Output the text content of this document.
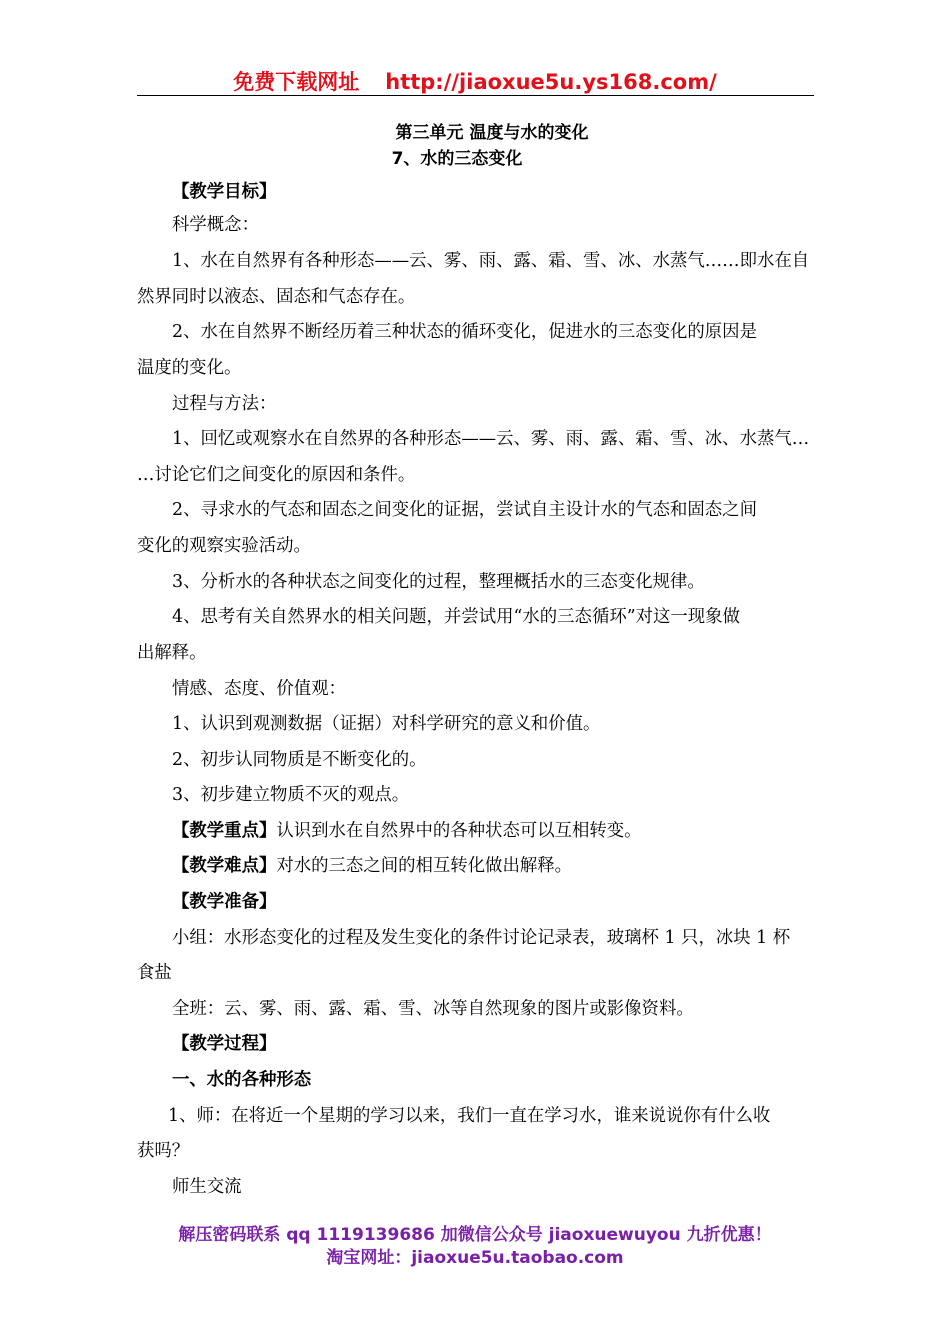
免费下载网址 http://jiaoxue5u.ys168.com/
第三单元 温度与水的变化
7、水的三态变化
【教学目标】
科学概念：
1、水在自然界有各种形态——云、雾、雨、露、霜、雪、冰、水蒸气……即水在自
然界同时以液态、固态和气态存在。
2、水在自然界不断经历着三种状态的循环变化，促进水的三态变化的原因是
温度的变化。
过程与方法：
1、回忆或观察水在自然界的各种形态——云、雾、雨、露、霜、雪、冰、水蒸气…
…讨论它们之间变化的原因和条件。
2、寻求水的气态和固态之间变化的证据，尝试自主设计水的气态和固态之间
变化的观察实验活动。
3、分析水的各种状态之间变化的过程，整理概括水的三态变化规律。
4、思考有关自然界水的相关问题，并尝试用“水的三态循环”对这一现象做
出解释。
情感、态度、价值观：
1、认识到观测数据（证据）对科学研究的意义和价值。
2、初步认同物质是不断变化的。
3、初步建立物质不灭的观点。
【教学重点】认识到水在自然界中的各种状态可以互相转变。
【教学难点】对水的三态之间的相互转化做出解释。
【教学准备】
小组：水形态变化的过程及发生变化的条件讨论记录表，玻璃杯 1 只，冰块 1 杯
食盐
全班：云、雾、雨、露、霜、雪、冰等自然现象的图片或影像资料。
【教学过程】
一、水的各种形态
1、师：在将近一个星期的学习以来，我们一直在学习水，谁来说说你有什么收
获吗？
师生交流
解压密码联系 qq 1119139686 加微信公众号 jiaoxuewuyou 九折优惠！
淘宝网址：jiaoxue5u.taobao.com
